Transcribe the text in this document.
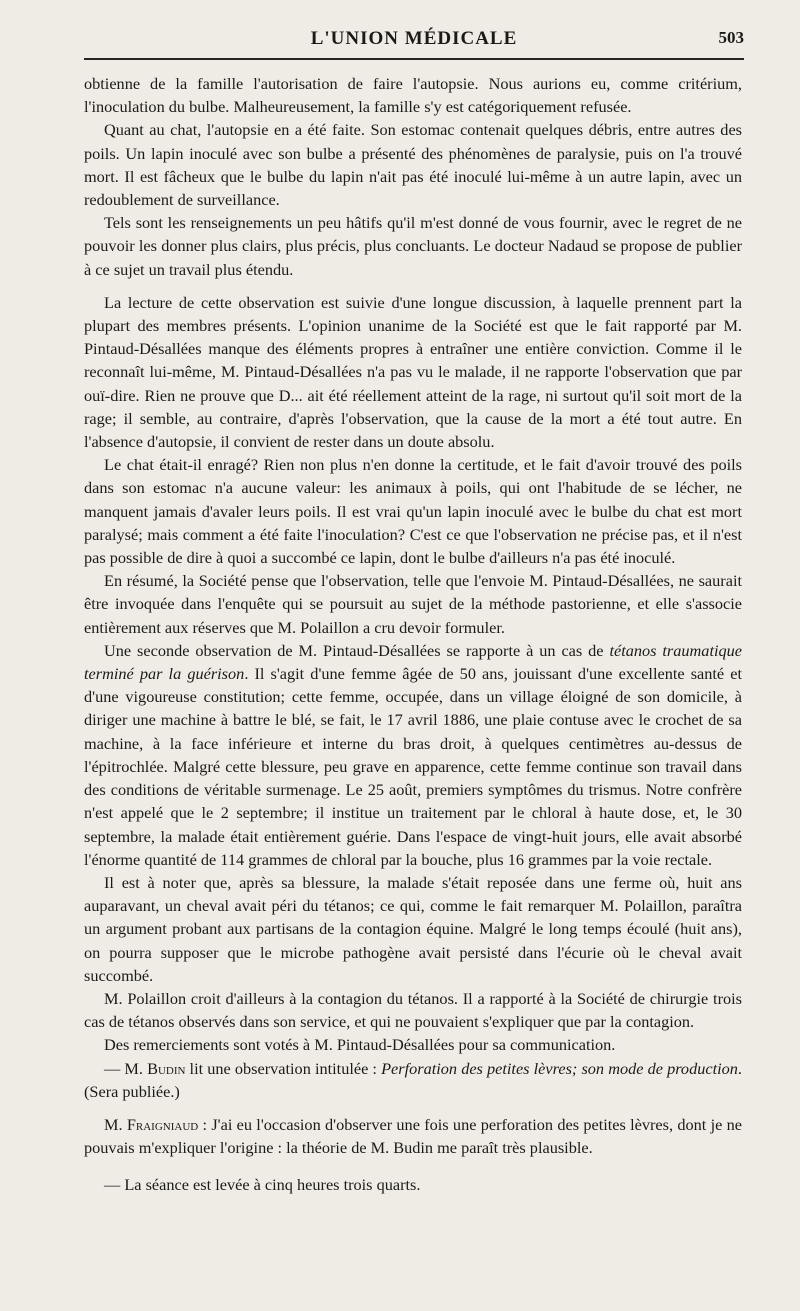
L'UNION MÉDICALE	503

obtienne de la famille l'autorisation de faire l'autopsie. Nous aurions eu, comme critérium, l'inoculation du bulbe. Malheureusement, la famille s'y est catégoriquement refusée.

Quant au chat, l'autopsie en a été faite. Son estomac contenait quelques débris, entre autres des poils. Un lapin inoculé avec son bulbe a présenté des phénomènes de paralysie, puis on l'a trouvé mort. Il est fâcheux que le bulbe du lapin n'ait pas été inoculé lui-même à un autre lapin, avec un redoublement de surveillance.

Tels sont les renseignements un peu hâtifs qu'il m'est donné de vous fournir, avec le regret de ne pouvoir les donner plus clairs, plus précis, plus concluants. Le docteur Nadaud se propose de publier à ce sujet un travail plus étendu.

La lecture de cette observation est suivie d'une longue discussion, à laquelle prennent part la plupart des membres présents. L'opinion unanime de la Société est que le fait rapporté par M. Pintaud-Désallées manque des éléments propres à entraîner une entière conviction. Comme il le reconnaît lui-même, M. Pintaud-Désallées n'a pas vu le malade, il ne rapporte l'observation que par ouï-dire. Rien ne prouve que D... ait été réellement atteint de la rage, ni surtout qu'il soit mort de la rage; il semble, au contraire, d'après l'observation, que la cause de la mort a été tout autre. En l'absence d'autopsie, il convient de rester dans un doute absolu.

Le chat était-il enragé? Rien non plus n'en donne la certitude, et le fait d'avoir trouvé des poils dans son estomac n'a aucune valeur: les animaux à poils, qui ont l'habitude de se lécher, ne manquent jamais d'avaler leurs poils. Il est vrai qu'un lapin inoculé avec le bulbe du chat est mort paralysé; mais comment a été faite l'inoculation? C'est ce que l'observation ne précise pas, et il n'est pas possible de dire à quoi a succombé ce lapin, dont le bulbe d'ailleurs n'a pas été inoculé.

En résumé, la Société pense que l'observation, telle que l'envoie M. Pintaud-Désallées, ne saurait être invoquée dans l'enquête qui se poursuit au sujet de la méthode pastorienne, et elle s'associe entièrement aux réserves que M. Polaillon a cru devoir formuler.

Une seconde observation de M. Pintaud-Désallées se rapporte à un cas de tétanos traumatique terminé par la guérison. Il s'agit d'une femme âgée de 50 ans, jouissant d'une excellente santé et d'une vigoureuse constitution; cette femme, occupée, dans un village éloigné de son domicile, à diriger une machine à battre le blé, se fait, le 17 avril 1886, une plaie contuse avec le crochet de sa machine, à la face inférieure et interne du bras droit, à quelques centimètres au-dessus de l'épitrochlée. Malgré cette blessure, peu grave en apparence, cette femme continue son travail dans des conditions de véritable surmenage. Le 25 août, premiers symptômes du trismus. Notre confrère n'est appelé que le 2 septembre; il institue un traitement par le chloral à haute dose, et, le 30 septembre, la malade était entièrement guérie. Dans l'espace de vingt-huit jours, elle avait absorbé l'énorme quantité de 114 grammes de chloral par la bouche, plus 16 grammes par la voie rectale.

Il est à noter que, après sa blessure, la malade s'était reposée dans une ferme où, huit ans auparavant, un cheval avait péri du tétanos; ce qui, comme le fait remarquer M. Polaillon, paraîtra un argument probant aux partisans de la contagion équine. Malgré le long temps écoulé (huit ans), on pourra supposer que le microbe pathogène avait persisté dans l'écurie où le cheval avait succombé.

M. Polaillon croit d'ailleurs à la contagion du tétanos. Il a rapporté à la Société de chirurgie trois cas de tétanos observés dans son service, et qui ne pouvaient s'expliquer que par la contagion.

Des remerciements sont votés à M. Pintaud-Désallées pour sa communication.

— M. Budin lit une observation intitulée : Perforation des petites lèvres; son mode de production. (Sera publiée.)

M. Fraigniaud : J'ai eu l'occasion d'observer une fois une perforation des petites lèvres, dont je ne pouvais m'expliquer l'origine : la théorie de M. Budin me paraît très plausible.

— La séance est levée à cinq heures trois quarts.
